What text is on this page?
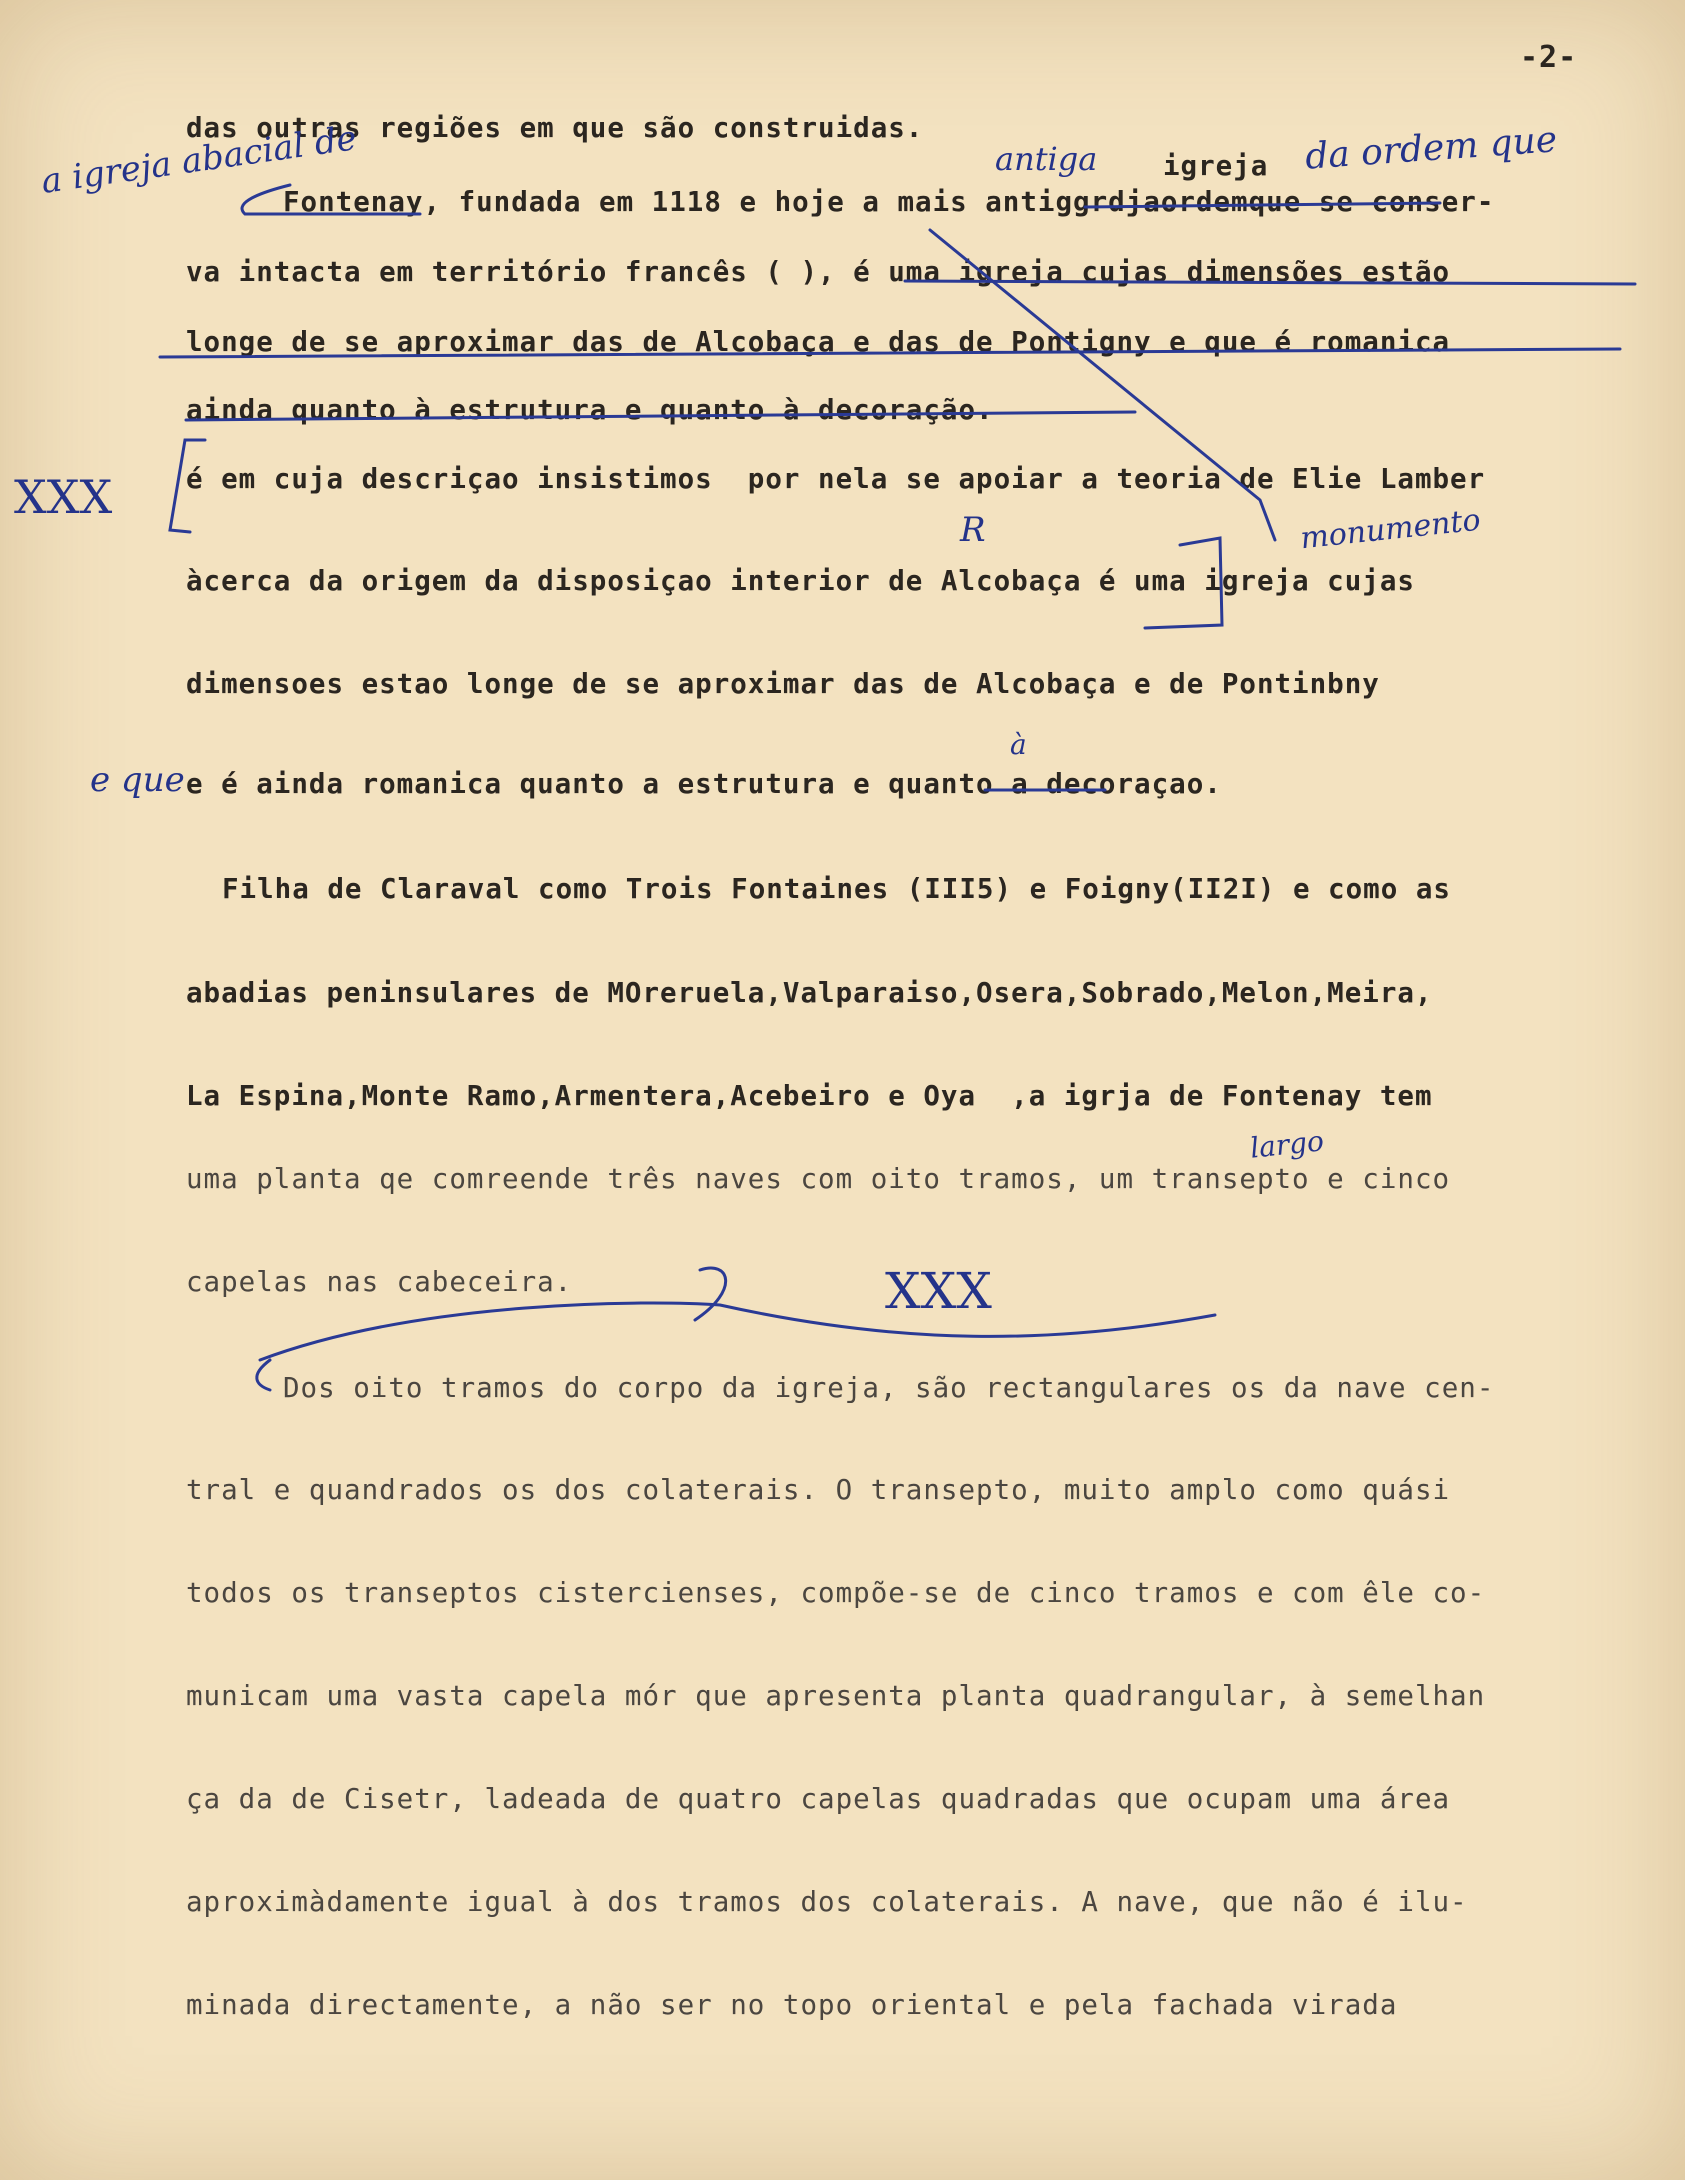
-2-
das outras regiões em que são construidas.
igreja
Fontenay, fundada em 1118 e hoje a mais antiggrdjaordemque se conser-
va intacta em território francês ( ), é uma igreja cujas dimensões estão
longe de se aproximar das de Alcobaça e das de Pontigny e que é romanica
ainda quanto à estrutura e quanto à decoração.
é em cuja descriçao insistimos  por nela se apoiar a teoria de Elie Lamber
àcerca da origem da disposiçao interior de Alcobaça é uma igreja cujas
dimensoes estao longe de se aproximar das de Alcobaça e de Pontinbny
e é ainda romanica quanto a estrutura e quanto a decoraçao.
Filha de Claraval como Trois Fontaines (III5) e Foigny(II2I) e como as
abadias peninsulares de MOreruela,Valparaiso,Osera,Sobrado,Melon,Meira,
La Espina,Monte Ramo,Armentera,Acebeiro e Oya  ,a igrja de Fontenay tem
uma planta qe comreende três naves com oito tramos, um transepto e cinco
capelas nas cabeceira.
Dos oito tramos do corpo da igreja, são rectangulares os da nave cen-
tral e quandrados os dos colaterais. O transepto, muito amplo como quási
todos os transeptos cistercienses, compõe-se de cinco tramos e com êle co-
municam uma vasta capela mór que apresenta planta quadrangular, à semelhan
ça da de Cisetr, ladeada de quatro capelas quadradas que ocupam uma área
aproximàdamente igual à dos tramos dos colaterais. A nave, que não é ilu-
minada directamente, a não ser no topo oriental e pela fachada virada
a igreja abacial de	antiga	da ordem que
monumento
R
XXX
e que
à
largo
XXX
